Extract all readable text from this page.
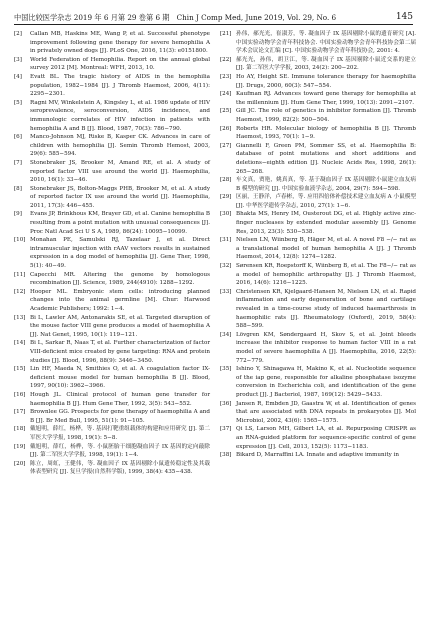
中国比较医学杂志 2019 年 6 月第 29 卷第 6 期　Chin J Comp Med, June 2019, Vol. 29, No. 6	145
[2] Callan MB, Haskins ME, Wang P, et al. Successful phenotype improvement following gene therapy for severe hemophilia A in privately owned dogs [J]. PLoS One, 2016, 11(3): e0151800.
[3] World Federation of Hemophilia. Report on the annual global survey 2012 [M]. Montreal: WFH, 2013, 10.
[4] Evatt BL. The tragic history of AIDS in the hemophilia population, 1982−1984 [J]. J Thromb Haemost, 2006, 4(11): 2295−2301.
[5] Ragni MV, Winkelstein A, Kingsley L, et al. 1986 update of HIV seroprevalence, seroconversion, AIDS incidence, and immunologic correlates of HIV infection in patients with hemophilia A and B [J]. Blood, 1987, 70(3): 786−790.
[6] Manco-Johnson MJ, Riske B, Kasper CK. Advances in care of children with hemophilia [J]. Semin Thromb Hemost, 2003, 29(6): 585−594.
[7] Stonebraker JS, Brooker M, Amand RE, et al. A study of reported factor VIII use around the world [J]. Haemophilia, 2010, 16(1): 33−46.
[8] Stonebraker JS, Bolton-Maggs PHB, Brooker M, et al. A study of reported factor IX use around the world [J]. Haemophilia, 2011, 17(3): 446−455.
[9] Evans JP, Brinkhous KM, Brayer GD, et al. Canine hemophilia B resulting from a point mutation with unusual consequences [J]. Proc Natl Acad Sci U S A, 1989, 86(24): 10095−10099.
[10] Monahan PE, Samulski RJ, Tazelaar J, et al. Direct intramuscular injection with rAAV vectors results in sustained expression in a dog model of hemophilia [J]. Gene Ther, 1998, 5(1): 40−49.
[11] Capecchi MR. Altering the genome by homologous recombination [J]. Science, 1989, 244(4910): 1288−1292.
[12] Hooper ML. Embryonic stem cells: introducing planned changes into the animal germline [M]. Chur: Harwood Academic Publishers; 1992: 1−4.
[13] Bi L, Lawler AM, Antonarakis SE, et al. Targeted disruption of the mouse factor VIII gene produces a model of haemophilia A [J]. Nat Genet, 1995, 10(1): 119−121.
[14] Bi L, Sarkar R, Naas T, et al. Further characterization of factor VIII-deficient mice created by gene targeting: RNA and protein studies [J]. Blood, 1996, 88(9): 3446−3450.
[15] Lin HF, Maeda N, Smithies O, et al. A coagulation factor IX-deficient mouse model for human hemophilia B [J]. Blood, 1997, 90(10): 3962−3966.
[16] Hough JL. Clinical protocol of human gene transfer for haemophilia B [J]. Hum Gene Ther, 1992, 3(5): 543−552.
[17] Brownlee GG. Prospects for gene therapy of haemophilia A and B [J]. Br Med Bull, 1995, 51(1): 91−105.
[18] 戴旭明，薛红，杨桦，等. 基因打靶重组载体的构建和应用研究 [J]. 第二军医大学学报, 1998, 19(1): 5−8.
[19] 戴旭明，薛红，杨桦，等. 小鼠胚胎干细胞凝血因子 IX 基因的定向敲除 [J]. 第二军医大学学报, 1998, 19(1): 1−4.
[20] 陈立，周虹，王健伟，等. 凝血因子 IX 基因剔除小鼠遗传稳定性及其载体表型研究 [J]. 复旦学报(自然科学版), 1999, 38(4): 435−438.
[21] 孙伟，郝光光，崔淑芳，等. 凝血因子 IX 基因剔除小鼠的遗育研究 [A]. 中国实验动物学会青年科技协会. 中国实验动物学会青年科技协会第二届学术会议论文汇编 [C]. 中国实验动物学会青年科技协会, 2001: 4.
[22] 郝光光，孙伟，胡卫江，等. 凝血因子 IX 基因剔除小鼠近交系的建立 [J]. 第二军医大学学报, 2003, 24(2): 200−202.
[23] Ho AY, Height SE. Immune tolerance therapy for haemophilia [J]. Drugs, 2000, 60(3): 547−554.
[24] Kaufman RJ. Advances toward gene therapy for hemophilia at the millennium [J]. Hum Gene Ther, 1999, 10(13): 2091−2107.
[25] Gill JC. The role of genetics in inhibitor formation [J]. Thromb Haemost, 1999, 82(2): 500−504.
[26] Roberts HR. Molecular biology of hemophilia B [J]. Thromb Haemost, 1993, 70(1): 1−9.
[27] Giannelli F, Green PM, Sommer SS, et al. Haemophilia B: database of point mutations and short additions and deletions−eighth edition [J]. Nucleic Acids Res, 1998, 26(1): 265−268.
[28] 车文真，贾艳，姚真真，等. 基于凝血因子 IX 基因剔除小鼠建立血友病 B 模型的研究 [J]. 中国实验血液学杂志, 2004, 29(7): 594−598.
[29] 区丽，王静洋，卢春彬，等. 应用四倍体补偿技术建立血友病 A 小鼠模型 [J]. 中华医学遗传学杂志, 2010, 27(1): 1−6.
[30] Bhakta MS, Henry IM, Ousterout DG, et al. Highly active zinc-finger nucleases by extended modular assembly [J]. Genome Res, 2013, 23(3): 530−538.
[31] Nielsen LN, Wiinberg B, Häger M, et al. A novel F8 −/− rat as a translational model of human hemophilia A [J]. J Thromb Haemost, 2014, 12(8): 1274−1282.
[32] Sørensen KR, Roepstorff K, Wiinberg B, et al. The F8−/− rat as a model of hemophilic arthropathy [J]. J Thromb Haemost, 2016, 14(6): 1216−1225.
[33] Christensen KR, Kjelgaard-Hansen M, Nielsen LN, et al. Rapid inflammation and early degeneration of bone and cartilage revealed in a time-course study of induced haemarthrosis in haemophilic rats [J]. Rheumatology (Oxford), 2019, 58(4): 588−599.
[34] Lövgren KM, Søndergaard H, Skov S, et al. Joint bleeds increase the inhibitor response to human factor VIII in a rat model of severe haemophilia A [J]. Haemophilia, 2016, 22(5): 772−779.
[35] Ishino Y, Shinagawa H, Makino K, et al. Nucleotide sequence of the iap gene, responsible for alkaline phosphatase isozyme conversion in Escherichia coli, and identification of the gene product [J]. J Bacteriol, 1987, 169(12): 5429−5433.
[36] Jansen R, Embden JD, Gaastra W, et al. Identification of genes that are associated with DNA repeats in prokaryotes [J]. Mol Microbiol, 2002, 43(6): 1565−1575.
[37] Qi LS, Larson MH, Gilbert LA, et al. Repurposing CRISPR as an RNA-guided platform for sequence-specific control of gene expression [J]. Cell, 2013, 152(5): 1173−1183.
[38] Bikard D, Marraffini LA. Innate and adaptive immunity in
